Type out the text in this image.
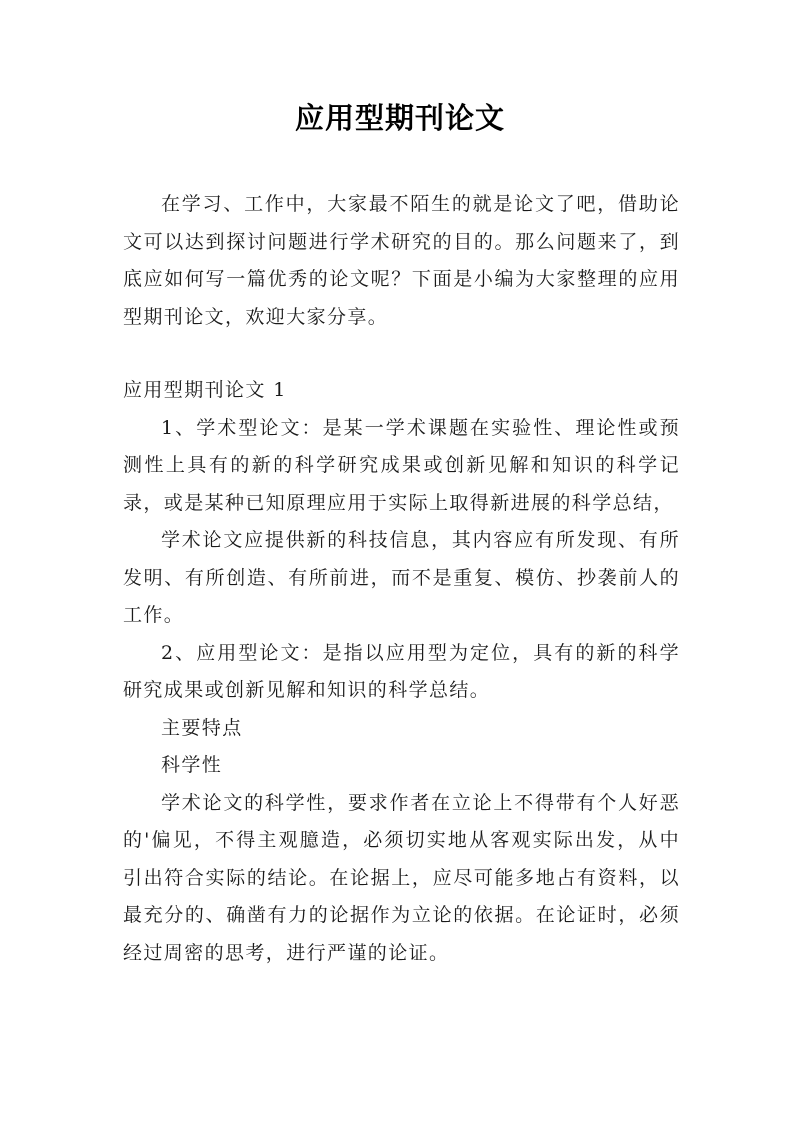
应用型期刊论文

在学习、工作中，大家最不陌生的就是论文了吧，借助论文可以达到探讨问题进行学术研究的目的。那么问题来了，到底应如何写一篇优秀的论文呢？下面是小编为大家整理的应用型期刊论文，欢迎大家分享。

应用型期刊论文 1

1、学术型论文：是某一学术课题在实验性、理论性或预测性上具有的新的科学研究成果或创新见解和知识的科学记录，或是某种已知原理应用于实际上取得新进展的科学总结，

学术论文应提供新的科技信息，其内容应有所发现、有所发明、有所创造、有所前进，而不是重复、模仿、抄袭前人的工作。

2、应用型论文：是指以应用型为定位，具有的新的科学研究成果或创新见解和知识的科学总结。

主要特点

科学性

学术论文的科学性，要求作者在立论上不得带有个人好恶的'偏见，不得主观臆造，必须切实地从客观实际出发，从中引出符合实际的结论。在论据上，应尽可能多地占有资料，以最充分的、确凿有力的论据作为立论的依据。在论证时，必须经过周密的思考，进行严谨的论证。
